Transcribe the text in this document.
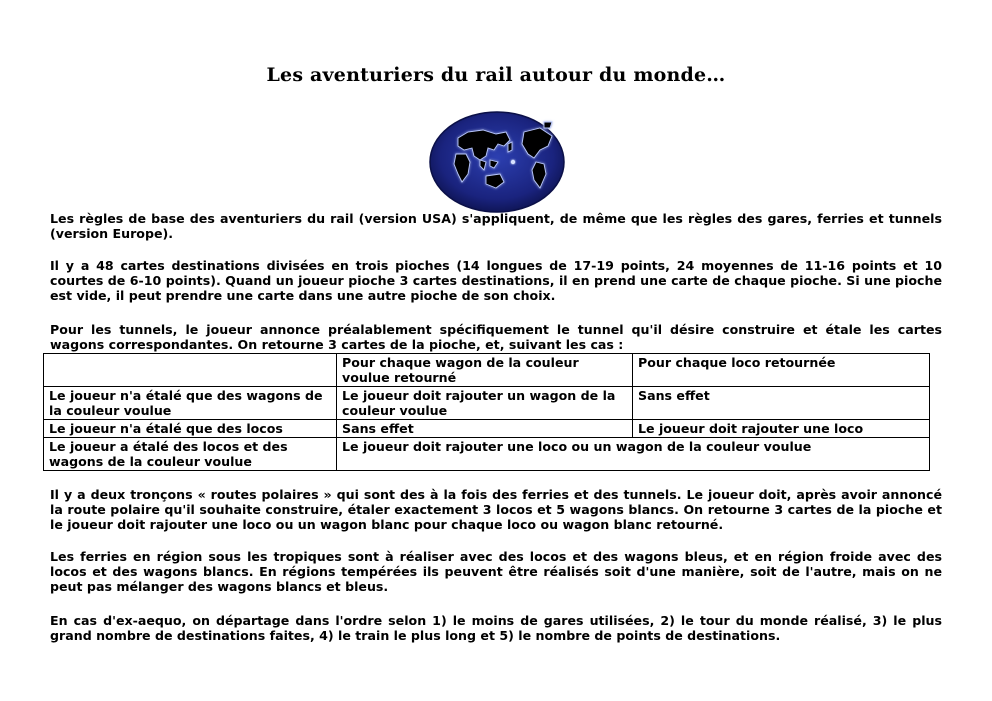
Les aventuriers du rail autour du monde…

Les règles de base des aventuriers du rail (version USA) s'appliquent, de même que les règles des gares, ferries et tunnels (version Europe).

Il y a 48 cartes destinations divisées en trois pioches (14 longues de 17-19 points, 24 moyennes de 11-16 points et 10 courtes de 6-10 points). Quand un joueur pioche 3 cartes destinations, il en prend une carte de chaque pioche. Si une pioche est vide, il peut prendre une carte dans une autre pioche de son choix.

Pour les tunnels, le joueur annonce préalablement spécifiquement le tunnel qu'il désire construire et étale les cartes wagons correspondantes. On retourne 3 cartes de la pioche, et, suivant les cas :

	Pour chaque wagon de la couleur voulue retourné	Pour chaque loco retournée
Le joueur n'a étalé que des wagons de la couleur voulue	Le joueur doit rajouter un wagon de la couleur voulue	Sans effet
Le joueur n'a étalé que des locos	Sans effet	Le joueur doit rajouter une loco
Le joueur a étalé des locos et des wagons de la couleur voulue	Le joueur doit rajouter une loco ou un wagon de la couleur voulue	

Il y a deux tronçons « routes polaires » qui sont des à la fois des ferries et des tunnels. Le joueur doit, après avoir annoncé la route polaire qu'il souhaite construire, étaler exactement 3 locos et 5 wagons blancs. On retourne 3 cartes de la pioche et le joueur doit rajouter une loco ou un wagon blanc pour chaque loco ou wagon blanc retourné.

Les ferries en région sous les tropiques sont à réaliser avec des locos et des wagons bleus, et en région froide avec des locos et des wagons blancs. En régions tempérées ils peuvent être réalisés soit d'une manière, soit de l'autre, mais on ne peut pas mélanger des wagons blancs et bleus.

En cas d'ex-aequo, on départage dans l'ordre selon 1) le moins de gares utilisées, 2) le tour du monde réalisé, 3) le plus grand nombre de destinations faites, 4) le train le plus long et 5) le nombre de points de destinations.
